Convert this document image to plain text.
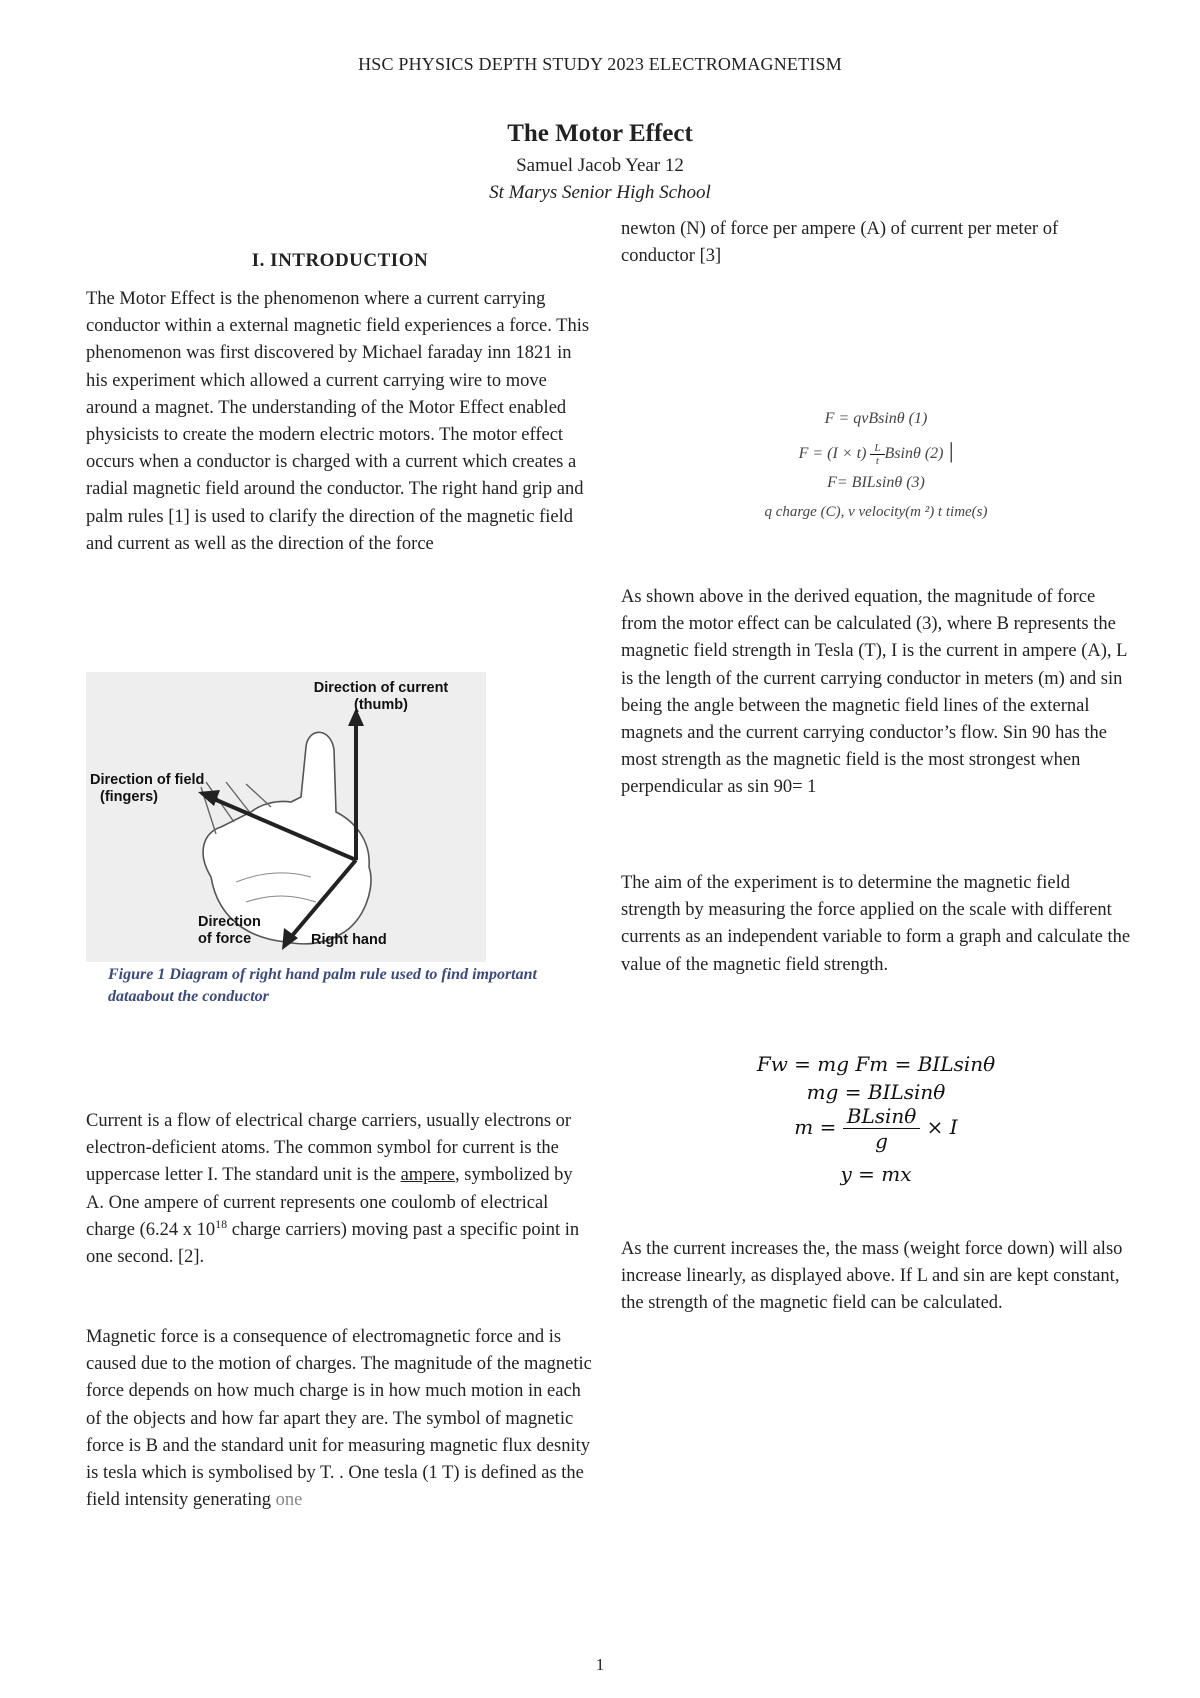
HSC PHYSICS DEPTH STUDY 2023 ELECTROMAGNETISM
The Motor Effect
Samuel Jacob Year 12
St Marys Senior High School
I. INTRODUCTION

The Motor Effect is the phenomenon where a current carrying conductor within a external magnetic field experiences a force. This phenomenon was first discovered by Michael faraday inn 1821 in his experiment which allowed a current carrying wire to move around a magnet. The understanding of the Motor Effect enabled physicists to create the modern electric motors. The motor effect occurs when a conductor is charged with a current which creates a radial magnetic field around the conductor. The right hand grip and palm rules [1] is used to clarify the direction of the magnetic field and current as well as the direction of the force

Direction of current
(thumb)
Direction of field
(fingers)
Direction
of force	Right hand
Figure 1 Diagram of right hand palm rule used to find important dataabout the conductor

Current is a flow of electrical charge carriers, usually electrons or electron-deficient atoms. The common symbol for current is the uppercase letter I. The standard unit is the ampere, symbolized by A. One ampere of current represents one coulomb of electrical charge (6.24 x $10^{18}$ charge carriers) moving past a specific point in one second. [2].

Magnetic force is a consequence of electromagnetic force and is caused due to the motion of charges. The magnitude of the magnetic force depends on how much charge is in how much motion in each of the objects and how far apart they are. The symbol of magnetic force is B and the standard unit for measuring magnetic flux desnity is tesla which is symbolised by T. . One tesla (1 T) is defined as the field intensity generating one

newton (N) of force per ampere (A) of current per meter of conductor [3]

F = qvBsinθ (1)
$F = (I \times t) \frac{L}{t}$ Bsinθ (2) |
F= BILsinθ (3)
q charge (C), v velocity(m ²) t time(s)

As shown above in the derived equation, the magnitude of force from the motor effect can be calculated (3), where B represents the magnetic field strength in Tesla (T), I is the current in ampere (A), L is the length of the current carrying conductor in meters (m) and sin being the angle between the magnetic field lines of the external magnets and the current carrying conductor’s flow. Sin 90 has the most strength as the magnetic field is the most strongest when perpendicular as sin 90= 1

The aim of the experiment is to determine the magnetic field strength by measuring the force applied on the scale with different currents as an independent variable to form a graph and calculate the value of the magnetic field strength.

Fw = mg Fm = BILsinθ
mg = BILsinθ
$m = \frac{BLsin\theta}{g} \times I$
y = mx

As the current increases the, the mass (weight force down) will also increase linearly, as displayed above. If L and sin are kept constant, the strength of the magnetic field can be calculated.

1
